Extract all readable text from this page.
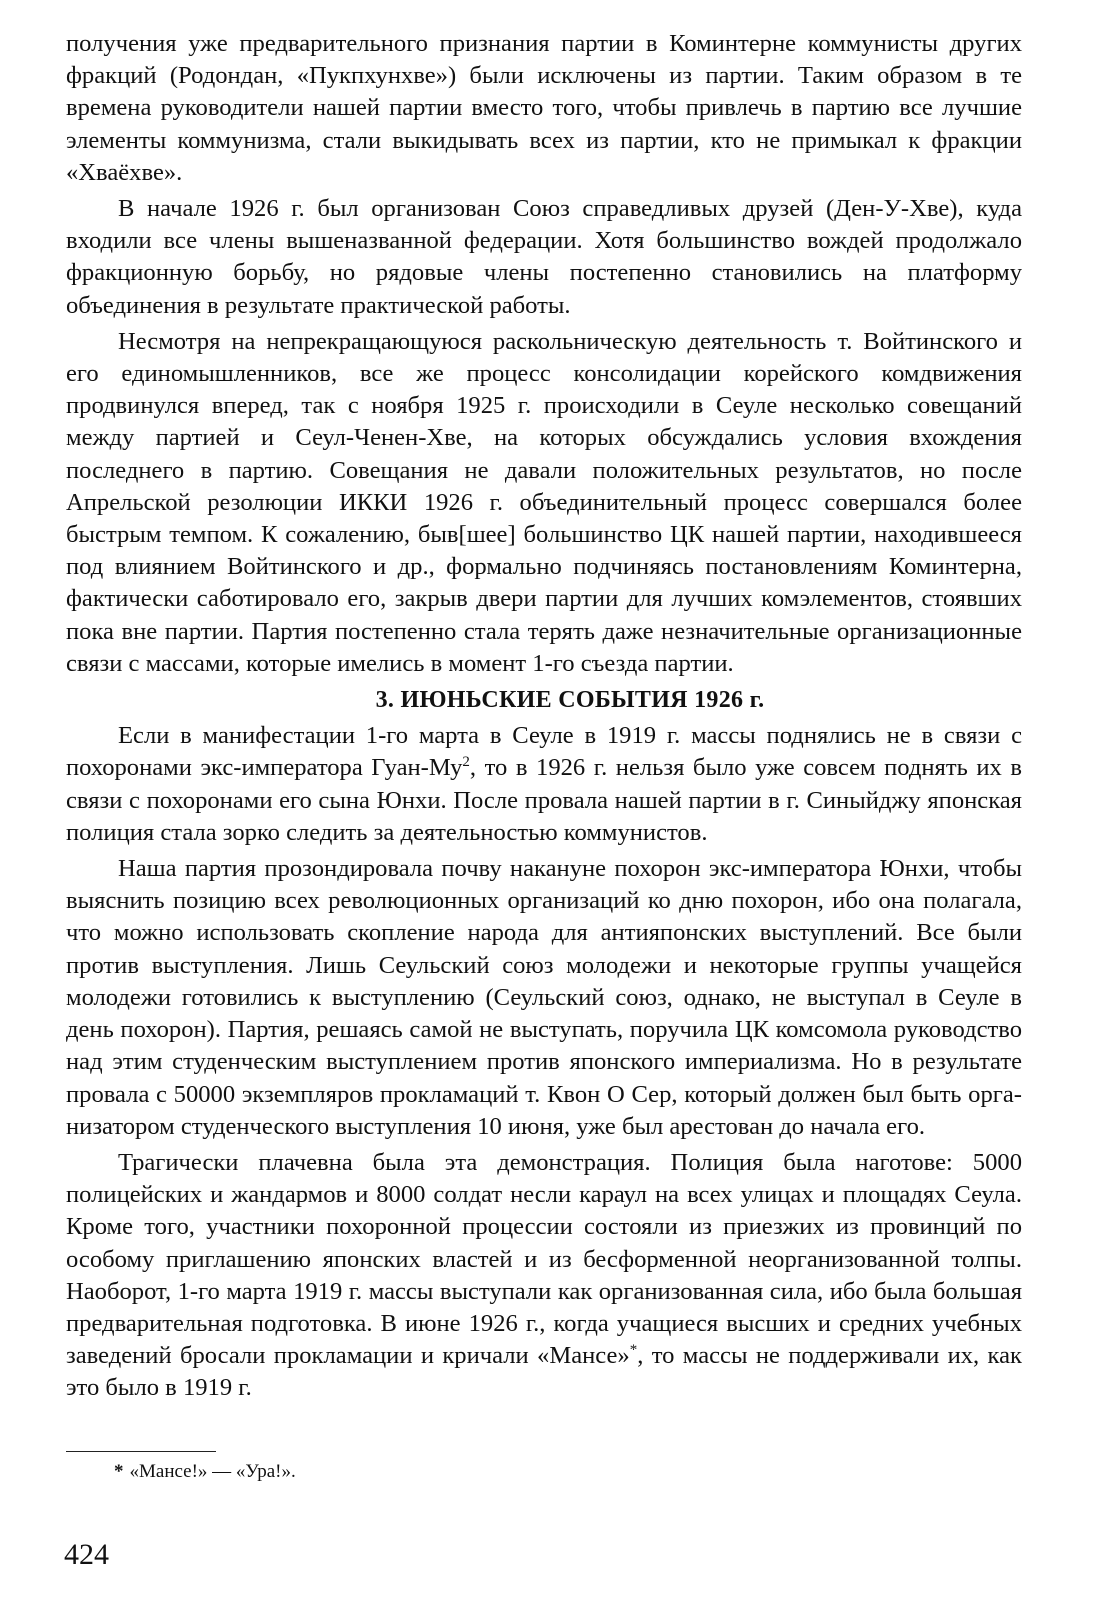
получения уже предварительного признания партии в Коминтерне коммунисты других фракций (Родондан, «Пукпхунхве») были исключены из партии. Таким образом в те времена руководители нашей партии вместо того, чтобы привлечь в партию все лучшие элементы коммунизма, стали выкидывать всех из партии, кто не примыкал к фракции «Хваёхве».

В начале 1926 г. был организован Союз справедливых друзей (Ден-У-Хве), куда входили все члены вышеназванной федерации. Хотя большинство вождей продолжало фракционную борьбу, но рядовые члены постепенно становились на платформу объединения в результате практической работы.

Несмотря на непрекращающуюся раскольническую деятельность т. Войтинского и его единомышленников, все же процесс консолидации корейского комдвижения продвинулся вперед, так с ноября 1925 г. происходили в Сеуле несколько совещаний между партией и Сеул-Ченен-Хве, на которых обсуждались условия вхождения последнего в партию. Совещания не давали положительных результатов, но после Апрельской резолюции ИККИ 1926 г. объединительный процесс совершался более быстрым темпом. К сожалению, быв[шее] большинство ЦК нашей партии, находившееся под влиянием Войтинского и др., формально подчиняясь постановлениям Коминтерна, фактически саботировало его, закрыв двери партии для лучших комэлементов, стоявших пока вне партии. Партия постепенно стала терять даже незначительные организационные связи с массами, которые имелись в момент 1-го съезда партии.

3. ИЮНЬСКИЕ СОБЫТИЯ 1926 г.

Если в манифестации 1-го марта в Сеуле в 1919 г. массы поднялись не в связи с похоронами экс-императора Гуан-$Му^2$, то в 1926 г. нельзя было уже совсем поднять их в связи с похоронами его сына Юнхи. После провала нашей партии в г. Синыйджу японская полиция стала зорко следить за деятельностью коммунистов.

Наша партия прозондировала почву накануне похорон экс-императора Юнхи, чтобы выяснить позицию всех революционных организаций ко дню похорон, ибо она полагала, что можно использовать скопление народа для антияпонских выступлений. Все были против выступления. Лишь Сеульский союз молодежи и некоторые группы учащейся молодежи готовились к выступлению (Сеульский союз, однако, не выступал в Сеуле в день похорон). Партия, решаясь самой не выступать, поручила ЦК комсомола руководство над этим студенческим выступлением против японского империализма. Но в результате провала с 50000 экземпляров прокламаций т. Квон О Сер, который должен был быть организатором студенческого выступления 10 июня, уже был арестован до начала его.

Трагически плачевна была эта демонстрация. Полиция была наготове: 5000 полицейских и жандармов и 8000 солдат несли караул на всех улицах и площадях Сеула. Кроме того, участники похоронной процессии состояли из приезжих из провинций по особому приглашению японских властей и из бесформенной неорганизованной толпы. Наоборот, 1-го марта 1919 г. массы выступали как организованная сила, ибо была большая предварительная подготовка. В июне 1926 г., когда учащиеся высших и средних учебных заведений бросали прокламации и кричали «Мансе»*, то массы не поддерживали их, как это было в 1919 г.

* «Мансе!» — «Ура!».
424
